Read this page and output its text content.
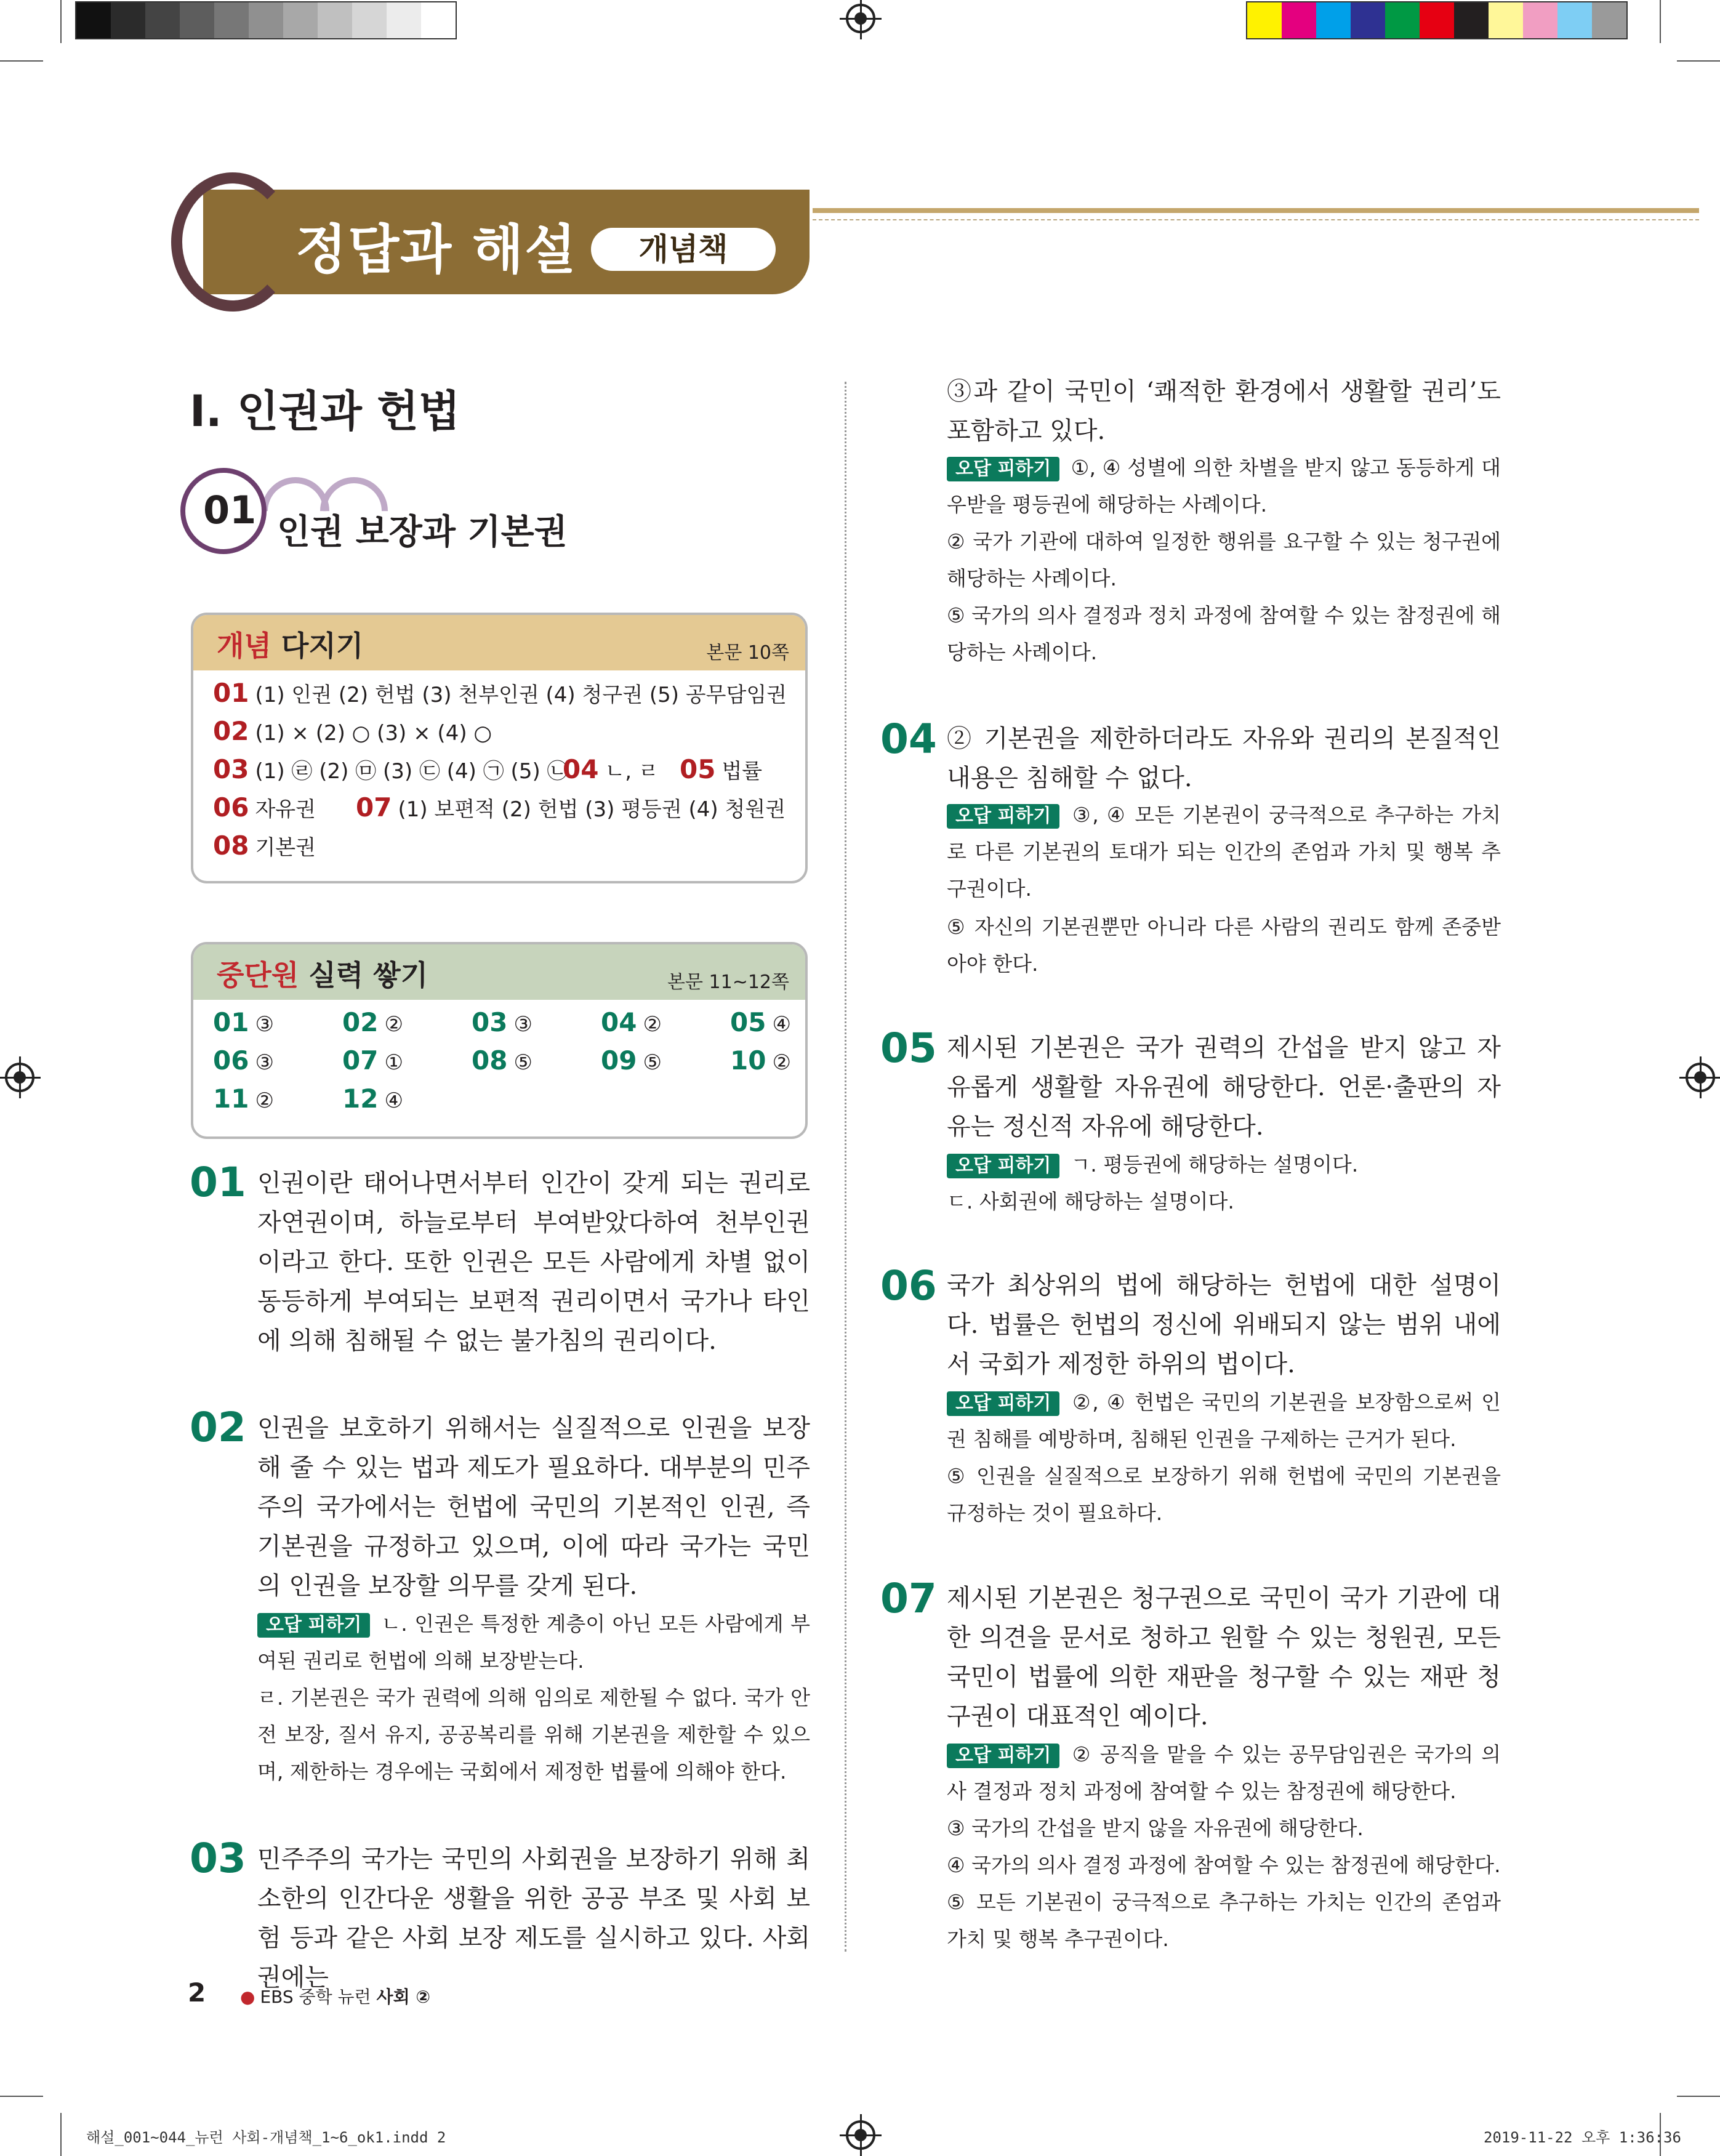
정답과 해설	개념책
I. 인권과 헌법
01 인권 보장과 기본권
개념 다지기	본문 10쪽
01 (1) 인권 (2) 헌법 (3) 천부인권 (4) 청구권 (5) 공무담임권
02 (1) × (2) ○ (3) × (4) ○
03 (1) ㉣ (2) ㉤ (3) ㉢ (4) ㉠ (5) ㉡
04 ㄴ, ㄹ 05 법률
06 자유권 07 (1) 보편적 (2) 헌법 (3) 평등권 (4) 청원권
08 기본권
중단원 실력 쌓기	본문 11~12쪽
01 ③	02 ②	03 ③	04 ②	05 ④
06 ③	07 ①	08 ⑤	09 ⑤	10 ②
11 ②	12 ④
01 인권이란 태어나면서부터 인간이 갖게 되는 권리로 자연권이며, 하늘로부터 부여받았다하여 천부인권이라고 한다. 또한 인권은 모든 사람에게 차별 없이 동등하게 부여되는 보편적 권리이면서 국가나 타인에 의해 침해될 수 없는 불가침의 권리이다.
02 인권을 보호하기 위해서는 실질적으로 인권을 보장해 줄 수 있는 법과 제도가 필요하다. 대부분의 민주주의 국가에서는 헌법에 국민의 기본적인 인권, 즉 기본권을 규정하고 있으며, 이에 따라 국가는 국민의 인권을 보장할 의무를 갖게 된다.
오답 피하기 ㄴ. 인권은 특정한 계층이 아닌 모든 사람에게 부여된 권리로 헌법에 의해 보장받는다.
ㄹ. 기본권은 국가 권력에 의해 임의로 제한될 수 없다. 국가 안전 보장, 질서 유지, 공공복리를 위해 기본권을 제한할 수 있으며, 제한하는 경우에는 국회에서 제정한 법률에 의해야 한다.
03 민주주의 국가는 국민의 사회권을 보장하기 위해 최소한의 인간다운 생활을 위한 공공 부조 및 사회 보험 등과 같은 사회 보장 제도를 실시하고 있다. 사회권에는
③과 같이 국민이 ‘쾌적한 환경에서 생활할 권리’도 포함하고 있다.
오답 피하기 ①, ④ 성별에 의한 차별을 받지 않고 동등하게 대우받을 평등권에 해당하는 사례이다.
② 국가 기관에 대하여 일정한 행위를 요구할 수 있는 청구권에 해당하는 사례이다.
⑤ 국가의 의사 결정과 정치 과정에 참여할 수 있는 참정권에 해당하는 사례이다.
04 ② 기본권을 제한하더라도 자유와 권리의 본질적인 내용은 침해할 수 없다.
오답 피하기 ③, ④ 모든 기본권이 궁극적으로 추구하는 가치로 다른 기본권의 토대가 되는 인간의 존엄과 가치 및 행복 추구권이다.
⑤ 자신의 기본권뿐만 아니라 다른 사람의 권리도 함께 존중받아야 한다.
05 제시된 기본권은 국가 권력의 간섭을 받지 않고 자유롭게 생활할 자유권에 해당한다. 언론·출판의 자유는 정신적 자유에 해당한다.
오답 피하기 ㄱ. 평등권에 해당하는 설명이다.
ㄷ. 사회권에 해당하는 설명이다.
06 국가 최상위의 법에 해당하는 헌법에 대한 설명이다. 법률은 헌법의 정신에 위배되지 않는 범위 내에서 국회가 제정한 하위의 법이다.
오답 피하기 ②, ④ 헌법은 국민의 기본권을 보장함으로써 인권 침해를 예방하며, 침해된 인권을 구제하는 근거가 된다.
⑤ 인권을 실질적으로 보장하기 위해 헌법에 국민의 기본권을 규정하는 것이 필요하다.
07 제시된 기본권은 청구권으로 국민이 국가 기관에 대한 의견을 문서로 청하고 원할 수 있는 청원권, 모든 국민이 법률에 의한 재판을 청구할 수 있는 재판 청구권이 대표적인 예이다.
오답 피하기 ② 공직을 맡을 수 있는 공무담임권은 국가의 의사 결정과 정치 과정에 참여할 수 있는 참정권에 해당한다.
③ 국가의 간섭을 받지 않을 자유권에 해당한다.
④ 국가의 의사 결정 과정에 참여할 수 있는 참정권에 해당한다.
⑤ 모든 기본권이 궁극적으로 추구하는 가치는 인간의 존엄과 가치 및 행복 추구권이다.
2 ● EBS 중학 뉴런 사회 ②
해설_001~044_뉴런 사회-개념책_1~6_ok1.indd 2	2019-11-22 오후 1:36:36
